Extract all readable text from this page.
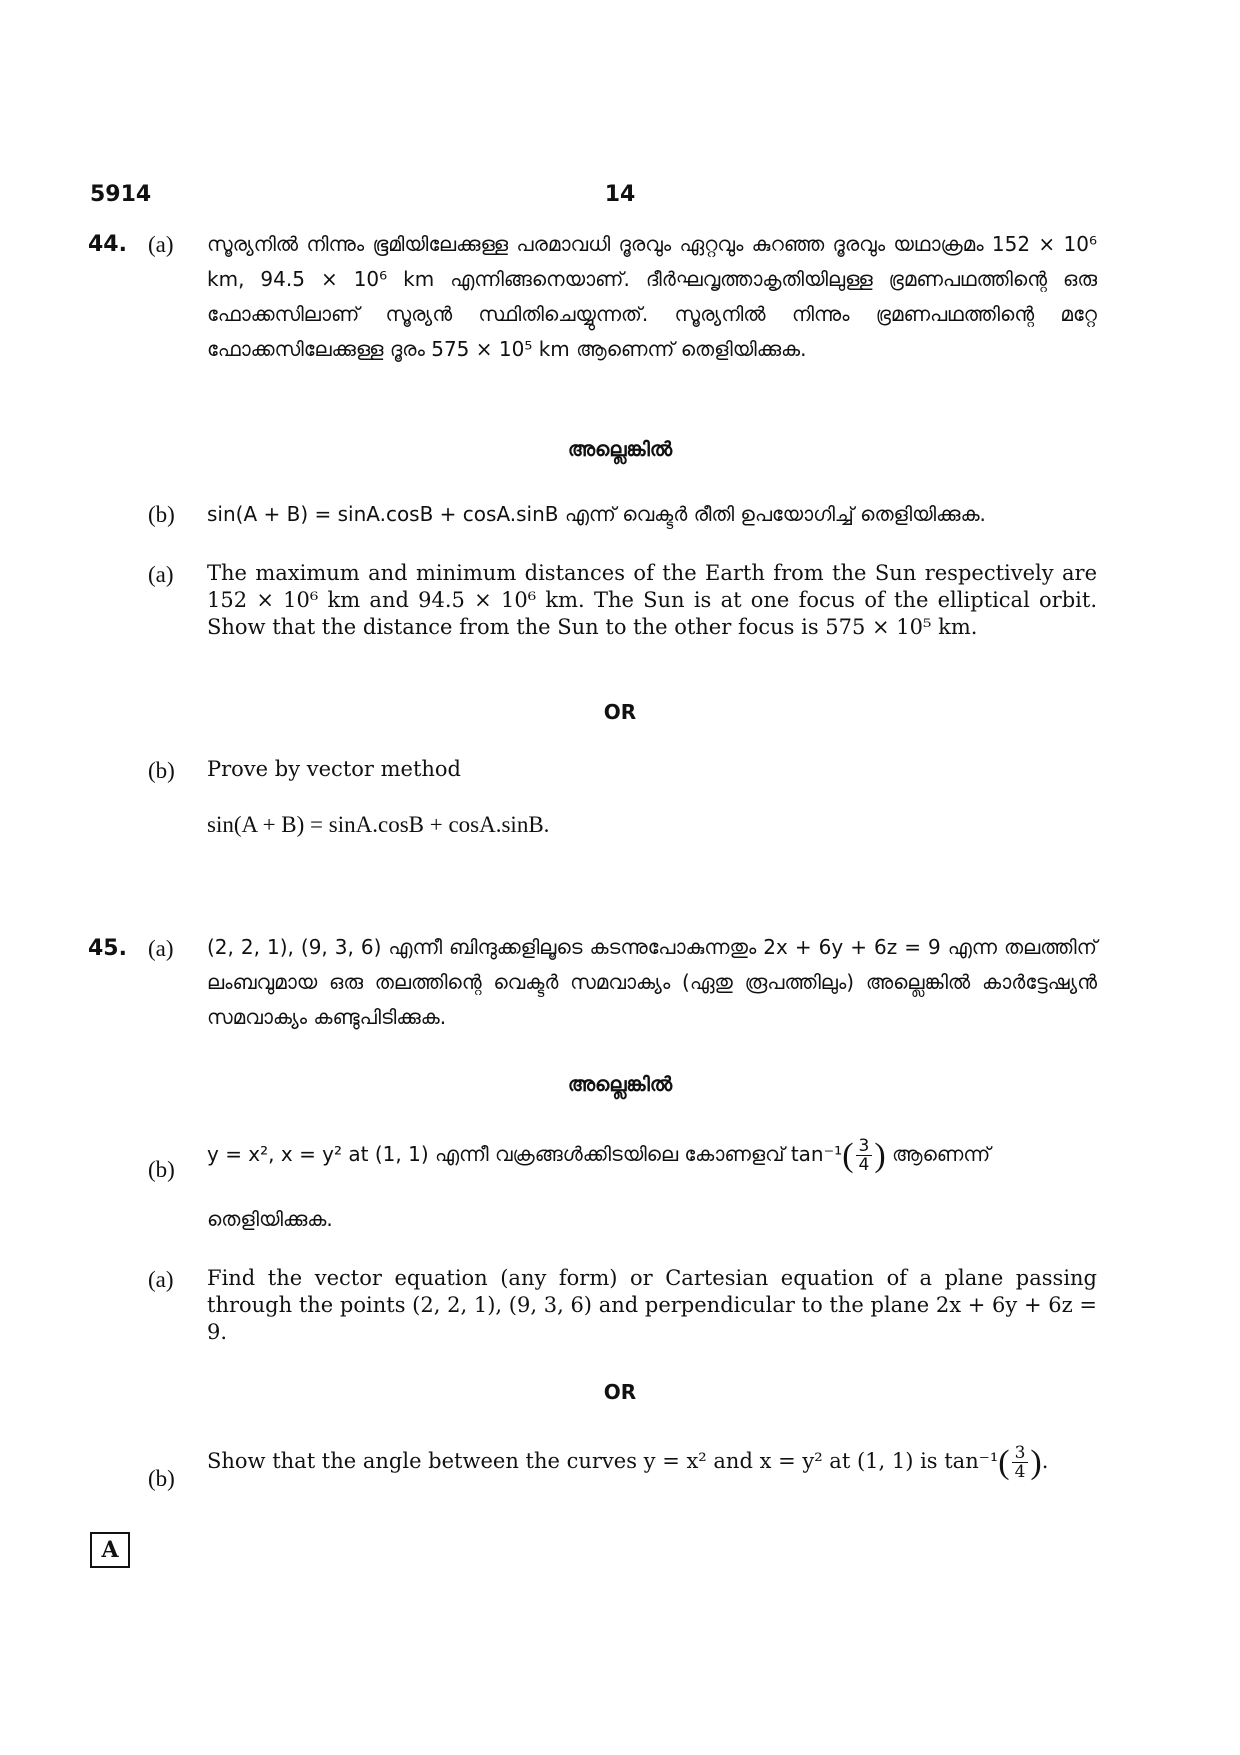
5914	14
44. (a) സൂര്യനിൽ നിന്നും ഭൂമിയിലേക്കുള്ള പരമാവധി ദൂരവും ഏറ്റവും കുറഞ്ഞ ദൂരവും യഥാക്രമം 152 × 10⁶ km, 94.5 × 10⁶ km എന്നിങ്ങനെയാണ്. ദീർഘവൃത്താകൃതിയിലുള്ള ഭ്രമണപഥത്തിന്റെ ഒരു ഫോക്കസിലാണ് സൂര്യൻ സ്ഥിതിചെയ്യുന്നത്. സൂര്യനിൽ നിന്നും ഭ്രമണപഥത്തിന്റെ മറ്റേ ഫോക്കസിലേക്കുള്ള ദൂരം 575 × 10⁵ km ആണെന്ന് തെളിയിക്കുക.
അല്ലെങ്കിൽ
(b) sin(A + B) = sinA.cosB + cosA.sinB എന്ന് വെക്ടർ രീതി ഉപയോഗിച്ച് തെളിയിക്കുക.
(a) The maximum and minimum distances of the Earth from the Sun respectively are 152 × 10⁶ km and 94.5 × 10⁶ km. The Sun is at one focus of the elliptical orbit. Show that the distance from the Sun to the other focus is 575 × 10⁵ km.
OR
(b) Prove by vector method
sin(A + B) = sinA.cosB + cosA.sinB.
45. (a) (2, 2, 1), (9, 3, 6) എന്നീ ബിന്ദുക്കളിലൂടെ കടന്നുപോകുന്നതും 2x + 6y + 6z = 9 എന്ന തലത്തിന് ലംബവുമായ ഒരു തലത്തിന്റെ വെക്ടർ സമവാക്യം (ഏതു രൂപത്തിലും) അല്ലെങ്കിൽ കാർട്ടേഷ്യൻ സമവാക്യം കണ്ടുപിടിക്കുക.
അല്ലെങ്കിൽ
(b)
y = x², x = y² at (1, 1) എന്നീ വക്രങ്ങൾക്കിടയിലെ കോണളവ് $\tan^{-1}( \frac{3}{4}$ ) ആണെന്ന്
തെളിയിക്കുക.
(a) Find the vector equation (any form) or Cartesian equation of a plane passing through the points (2, 2, 1), (9, 3, 6) and perpendicular to the plane 2x + 6y + 6z = 9.
OR
(b)
Show that the angle between the curves y = x² and x = y² at (1, 1) is $\tan^{-1}( \frac{3}{4}$ ).
A
